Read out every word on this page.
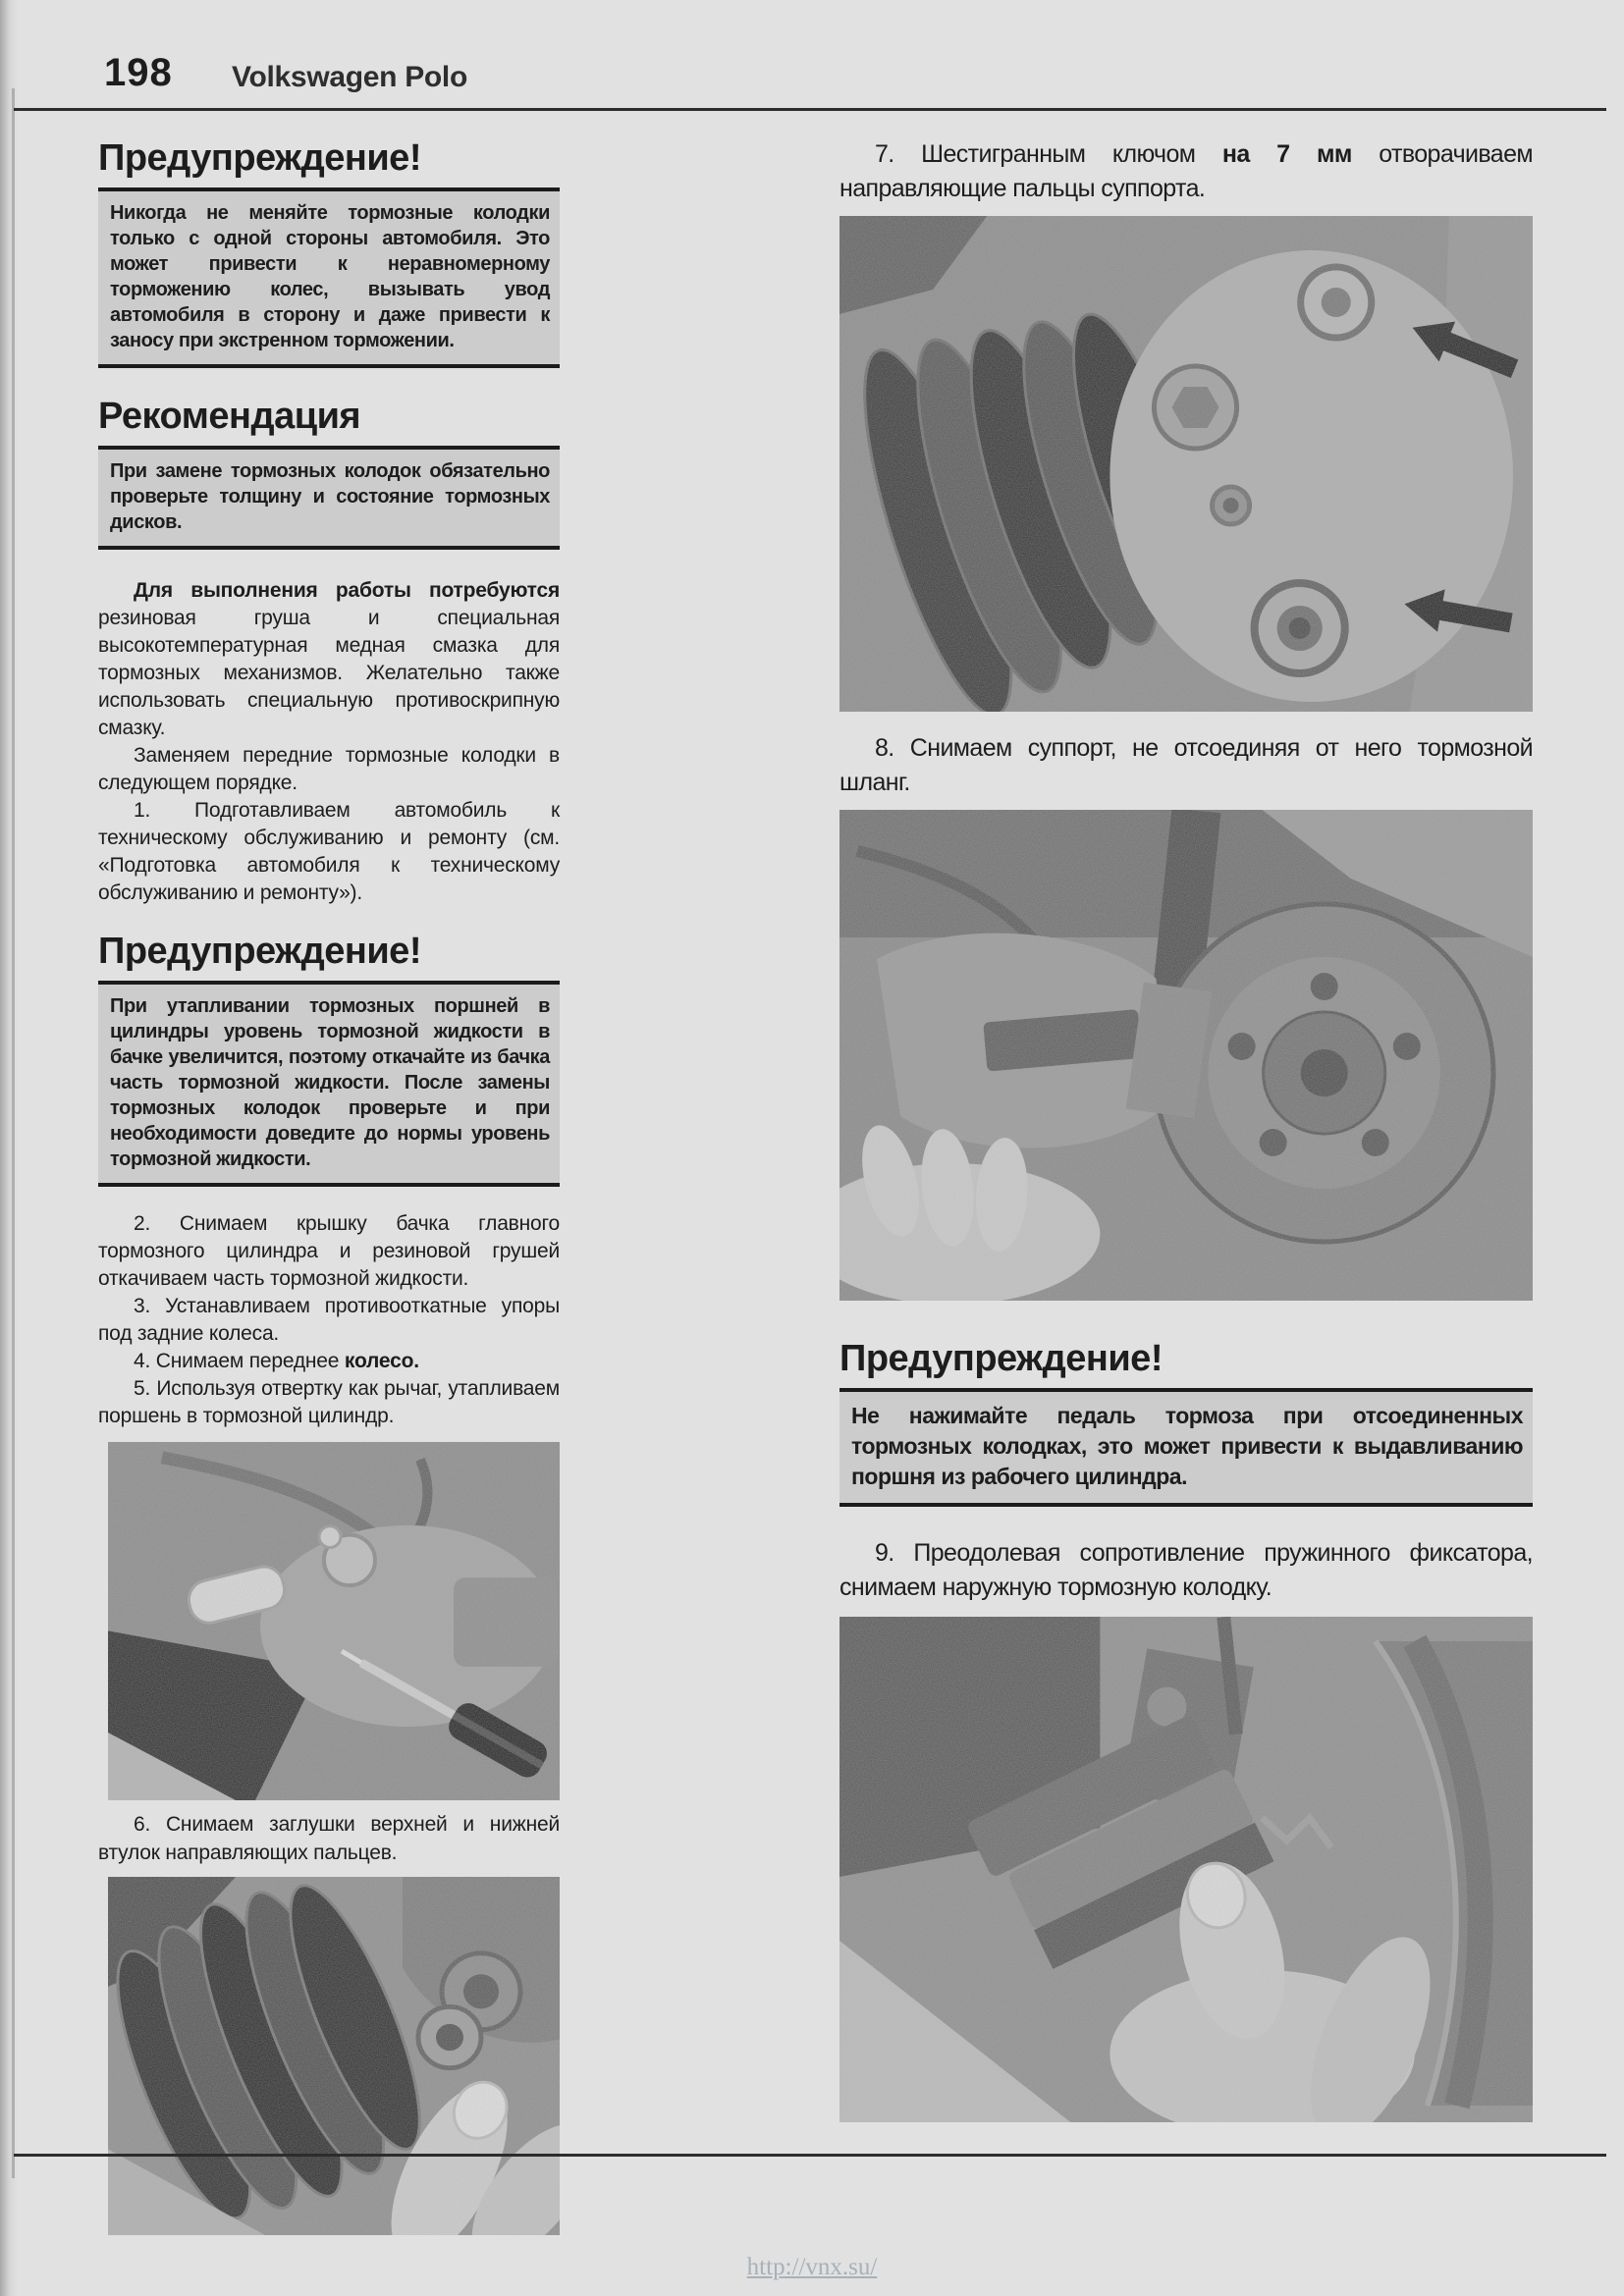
198 Volkswagen Polo
Предупреждение!
Никогда не меняйте тормозные колодки только с одной стороны автомобиля. Это может привести к неравномерному торможению колес, вызывать увод автомобиля в сторону и даже привести к заносу при экстренном торможении.
Рекомендация
При замене тормозных колодок обязательно проверьте толщину и состояние тормозных дисков.

Для выполнения работы потребуются резиновая груша и специальная высокотемпературная медная смазка для тормозных механизмов. Желательно также использовать специальную противоскрипную смазку.

Заменяем передние тормозные колодки в следующем порядке.

1. Подготавливаем автомобиль к техническому обслуживанию и ремонту (см. «Подготовка автомобиля к техническому обслуживанию и ремонту»).

Предупреждение!
При утапливании тормозных поршней в цилиндры уровень тормозной жидкости в бачке увеличится, поэтому откачайте из бачка часть тормозной жидкости. После замены тормозных колодок проверьте и при необходимости доведите до нормы уровень тормозной жидкости.

2. Снимаем крышку бачка главного тормозного цилиндра и резиновой грушей откачиваем часть тормозной жидкости.

3. Устанавливаем противооткатные упоры под задние колеса.

4. Снимаем переднее колесо.

5. Используя отвертку как рычаг, утапливаем поршень в тормозной цилиндр.

6. Снимаем заглушки верхней и нижней втулок направляющих пальцев.

7. Шестигранным ключом на 7 мм отворачиваем направляющие пальцы суппорта.

8. Снимаем суппорт, не отсоединяя от него тормозной шланг.

Предупреждение!
Не нажимайте педаль тормоза при отсоединенных тормозных колодках, это может привести к выдавливанию поршня из рабочего цилиндра.

9. Преодолевая сопротивление пружинного фиксатора, снимаем наружную тормозную колодку.

http://vnx.su/
